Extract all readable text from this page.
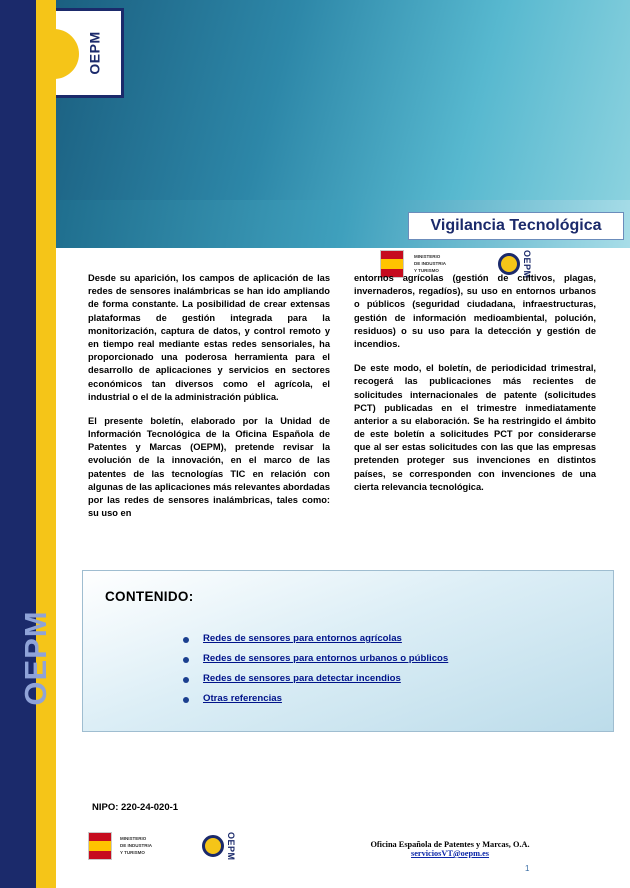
OEPM
OEPM
Vigilancia Tecnológica
MINISTERIO
DE INDUSTRIA
Y TURISMO	OEPM

Desde su aparición, los campos de aplicación de las redes de sensores inalámbricas se han ido ampliando de forma constante. La posibilidad de crear extensas plataformas de gestión integrada para la monitorización, captura de datos, y control remoto y en tiempo real mediante estas redes sensoriales, ha proporcionado una poderosa herramienta para el desarrollo de aplicaciones y servicios en sectores económicos tan diversos como el agrícola, el industrial o el de la administración pública.

El presente boletín, elaborado por la Unidad de Información Tecnológica de la Oficina Española de Patentes y Marcas (OEPM), pretende revisar la evolución de la innovación, en el marco de las patentes de las tecnologías TIC en relación con algunas de las aplicaciones más relevantes abordadas por las redes de sensores inalámbricas, tales como: su uso en

entornos agrícolas (gestión de cultivos, plagas, invernaderos, regadíos), su uso en entornos urbanos o públicos (seguridad ciudadana, infraestructuras, gestión de información medioambiental, polución, residuos) o su uso para la detección y gestión de incendios.

De este modo, el boletín, de periodicidad trimestral, recogerá las publicaciones más recientes de solicitudes internacionales de patente (solicitudes PCT) publicadas en el trimestre inmediatamente anterior a su elaboración. Se ha restringido el ámbito de este boletín a solicitudes PCT por considerarse que al ser estas solicitudes con las que las empresas pretenden proteger sus invenciones en distintos países, se corresponden con invenciones de una cierta relevancia tecnológica.

CONTENIDO:
Redes de sensores para entornos agrícolas
Redes de sensores para entornos urbanos o públicos
Redes de sensores para detectar incendios
Otras referencias
NIPO: 220-24-020-1
MINISTERIO
DE INDUSTRIA
Y TURISMO	OEPM	Oficina Española de Patentes y Marcas, O.A.
serviciosVT@oepm.es
1
